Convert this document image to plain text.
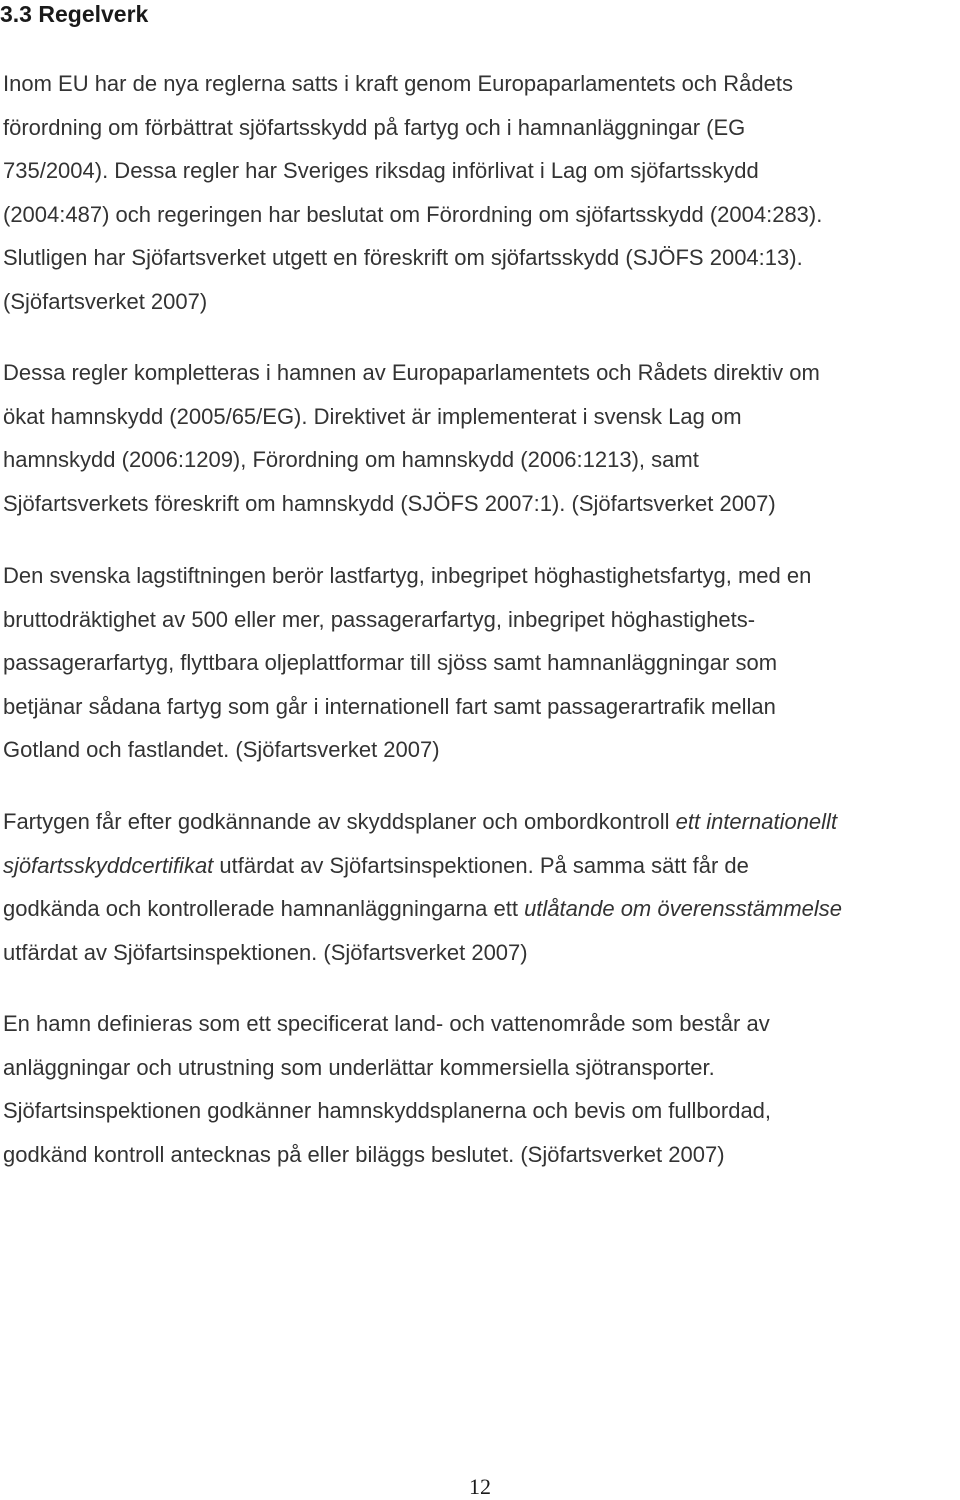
3.3 Regelverk

Inom EU har de nya reglerna satts i kraft genom Europaparlamentets och Rådets
förordning om förbättrat sjöfartsskydd på fartyg och i hamnanläggningar (EG
735/2004). Dessa regler har Sveriges riksdag införlivat i Lag om sjöfartsskydd
(2004:487) och regeringen har beslutat om Förordning om sjöfartsskydd (2004:283).
Slutligen har Sjöfartsverket utgett en föreskrift om sjöfartsskydd (SJÖFS 2004:13).
(Sjöfartsverket 2007)

Dessa regler kompletteras i hamnen av Europaparlamentets och Rådets direktiv om
ökat hamnskydd (2005/65/EG). Direktivet är implementerat i svensk Lag om
hamnskydd (2006:1209), Förordning om hamnskydd (2006:1213), samt
Sjöfartsverkets föreskrift om hamnskydd (SJÖFS 2007:1). (Sjöfartsverket 2007)

Den svenska lagstiftningen berör lastfartyg, inbegripet höghastighetsfartyg, med en
bruttodräktighet av 500 eller mer, passagerarfartyg, inbegripet höghastighets-
passagerarfartyg, flyttbara oljeplattformar till sjöss samt hamnanläggningar som
betjänar sådana fartyg som går i internationell fart samt passagerartrafik mellan
Gotland och fastlandet. (Sjöfartsverket 2007)

Fartygen får efter godkännande av skyddsplaner och ombordkontroll ett internationellt
sjöfartsskyddcertifikat utfärdat av Sjöfartsinspektionen. På samma sätt får de
godkända och kontrollerade hamnanläggningarna ett utlåtande om överensstämmelse
utfärdat av Sjöfartsinspektionen. (Sjöfartsverket 2007)

En hamn definieras som ett specificerat land- och vattenområde som består av
anläggningar och utrustning som underlättar kommersiella sjötransporter.
Sjöfartsinspektionen godkänner hamnskyddsplanerna och bevis om fullbordad,
godkänd kontroll antecknas på eller biläggs beslutet. (Sjöfartsverket 2007)

12
